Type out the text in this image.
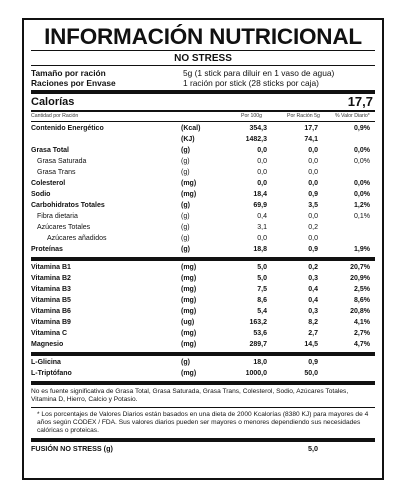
INFORMACIÓN NUTRICIONAL
NO STRESS
Tamaño por ración	5g (1 stick para diluir en 1 vaso de agua)
Raciones por Envase	1 ración por stick (28 sticks por caja)
Calorías	17,7
Cantidad por Ración	Por 100g	Por Ración 5g	% Valor Diario*
Contenido Energético	(Kcal)	354,3	17,7	0,9%
(KJ)	1482,3	74,1
Grasa Total	(g)	0,0	0,0	0,0%
Grasa Saturada	(g)	0,0	0,0	0,0%
Grasa Trans	(g)	0,0	0,0
Colesterol	(mg)	0,0	0,0	0,0%
Sodio	(mg)	18,4	0,9	0,0%
Carbohidratos Totales	(g)	69,9	3,5	1,2%
Fibra dietaria	(g)	0,4	0,0	0,1%
Azúcares Totales	(g)	3,1	0,2
Azúcares añadidos	(g)	0,0	0,0
Proteínas	(g)	18,8	0,9	1,9%
Vitamina B1	(mg)	5,0	0,2	20,7%
Vitamina B2	(mg)	5,0	0,3	20,9%
Vitamina B3	(mg)	7,5	0,4	2,5%
Vitamina B5	(mg)	8,6	0,4	8,6%
Vitamina B6	(mg)	5,4	0,3	20,8%
Vitamina B9	(ug)	163,2	8,2	4,1%
Vitamina C	(mg)	53,6	2,7	2,7%
Magnesio	(mg)	289,7	14,5	4,7%
L-Glicina	(g)	18,0	0,9
L-Triptófano	(mg)	1000,0	50,0
No es fuente significativa de Grasa Total, Grasa Saturada, Grasa Trans, Colesterol, Sodio, Azúcares Totales, Vitamina D, Hierro, Calcio y Potasio.
* Los porcentajes de Valores Diarios están basados en una dieta de 2000 Kcalorías (8380 KJ) para mayores de 4 años según CODEX / FDA. Sus valores diarios pueden ser mayores o menores dependiendo sus necesidades calóricas o proteicas.
FUSIÓN NO STRESS (g)	5,0
